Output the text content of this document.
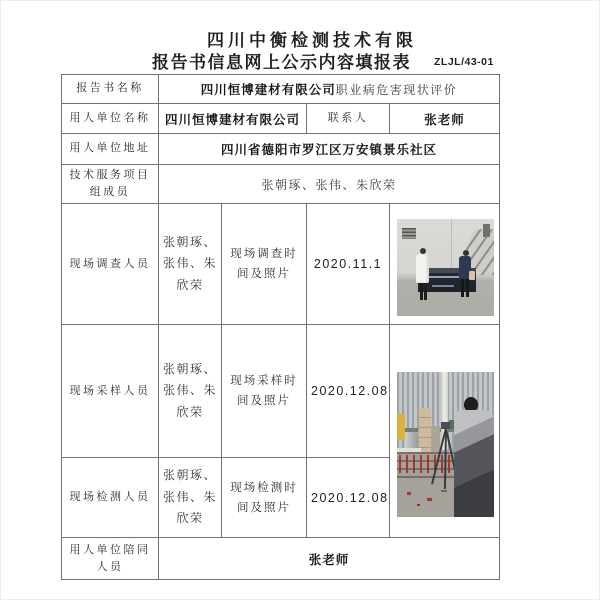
四川中衡检测技术有限
报告书信息网上公示内容填报表 ZLJL/43-01
报告书名称	四川恒博建材有限公司职业病危害现状评价			
用人单位名称	四川恒博建材有限公司		联系人	张老师
用人单位地址	四川省德阳市罗江区万安镇景乐社区			
技术服务项目组成员	张朝琢、张伟、朱欣荣			
现场调查人员	张朝琢、张伟、朱欣荣	现场调查时间及照片	2020.11.1	

现场采样人员	张朝琢、张伟、朱欣荣	现场采样时间及照片	2020.12.08	

现场检测人员	张朝琢、张伟、朱欣荣	现场检测时间及照片	2020.12.08	
用人单位陪同人员	张老师			
